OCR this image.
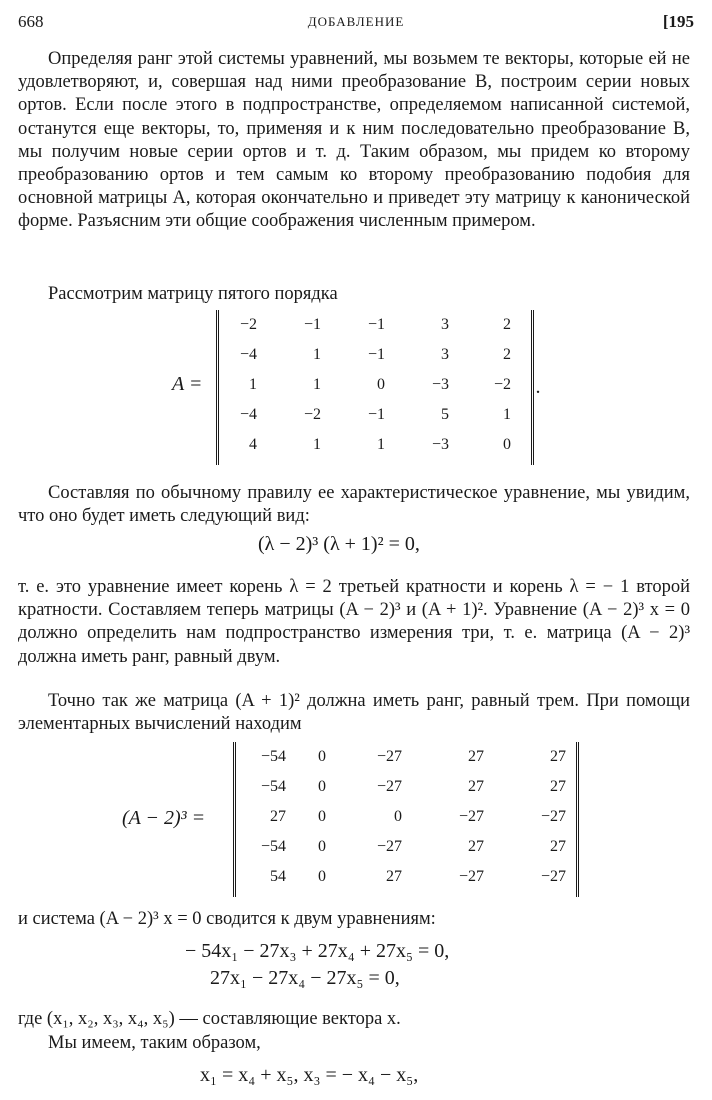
668	ДОБАВЛЕНИЕ	[195

Определяя ранг этой системы уравнений, мы возьмем те векторы, которые ей не удовлетворяют, и, совершая над ними преобразование B, построим серии новых ортов. Если после этого в подпространстве, определяемом написанной системой, останутся еще векторы, то, применяя и к ним последовательно преобразование B, мы получим новые серии ортов и т. д. Таким образом, мы придем ко второму преобразованию ортов и тем самым ко второму преобразованию подобия для основной матрицы A, которая окончательно и приведет эту матрицу к канонической форме. Разъясним эти общие соображения численным примером.

Рассмотрим матрицу пятого порядка

A =
−2	−1	−1	3	2
−4	1	−1	3	2
1	1	0	−3	−2
−4	−2	−1	5	1
4	1	1	−3	0
.

Составляя по обычному правилу ее характеристическое уравнение, мы увидим, что оно будет иметь следующий вид:

(λ − 2)³ (λ + 1)² = 0,

т. е. это уравнение имеет корень λ = 2 третьей кратности и корень λ = − 1 второй кратности. Составляем теперь матрицы (A − 2)³ и (A + 1)². Уравнение (A − 2)³ x = 0 должно определить нам подпространство измерения три, т. е. матрица (A − 2)³ должна иметь ранг, равный двум.

Точно так же матрица (A + 1)² должна иметь ранг, равный трем. При помощи элементарных вычислений находим

(A − 2)³ =
−54	0	−27	27	27
−54	0	−27	27	27
27	0	0	−27	−27
−54	0	−27	27	27
54	0	27	−27	−27

и система (A − 2)³ x = 0 сводится к двум уравнениям:

− 54x₁ − 27x₃ + 27x₄ + 27x₅ = 0,
27x₁ − 27x₄ − 27x₅ = 0,

где (x₁, x₂, x₃, x₄, x₅) — составляющие вектора x.

Мы имеем, таким образом,

x₁ = x₄ + x₅, x₃ = − x₄ − x₅,
